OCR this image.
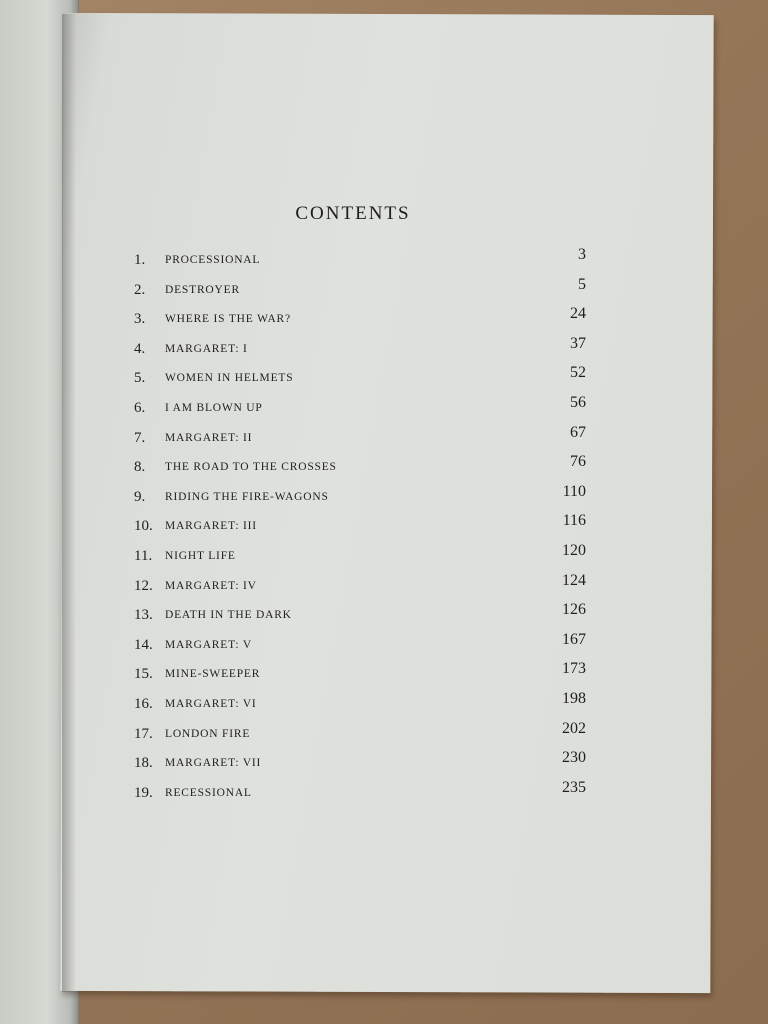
CONTENTS
1.	PROCESSIONAL	3
2.	DESTROYER	5
3.	WHERE IS THE WAR?	24
4.	MARGARET: I	37
5.	WOMEN IN HELMETS	52
6.	I AM BLOWN UP	56
7.	MARGARET: II	67
8.	THE ROAD TO THE CROSSES	76
9.	RIDING THE FIRE-WAGONS	110
10.	MARGARET: III	116
11.	NIGHT LIFE	120
12.	MARGARET: IV	124
13.	DEATH IN THE DARK	126
14.	MARGARET: V	167
15.	MINE-SWEEPER	173
16.	MARGARET: VI	198
17.	LONDON FIRE	202
18.	MARGARET: VII	230
19.	RECESSIONAL	235
